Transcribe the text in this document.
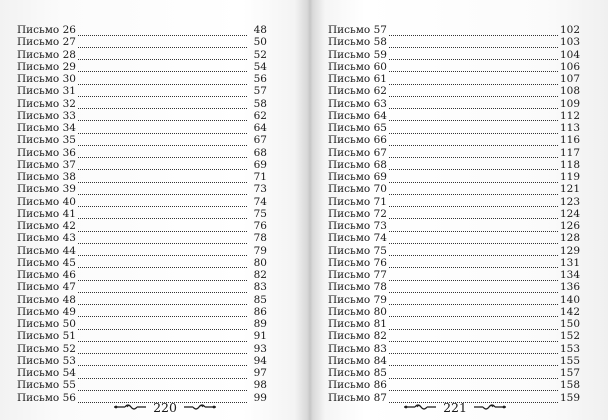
Письмо 26	48
Письмо 27	50
Письмо 28	52
Письмо 29	54
Письмо 30	56
Письмо 31	57
Письмо 32	58
Письмо 33	62
Письмо 34	64
Письмо 35	67
Письмо 36	68
Письмо 37	69
Письмо 38	71
Письмо 39	73
Письмо 40	74
Письмо 41	75
Письмо 42	76
Письмо 43	78
Письмо 44	79
Письмо 45	80
Письмо 46	82
Письмо 47	83
Письмо 48	85
Письмо 49	86
Письмо 50	89
Письмо 51	91
Письмо 52	93
Письмо 53	94
Письмо 54	97
Письмо 55	98
Письмо 56	99
220
Письмо 57	102
Письмо 58	103
Письмо 59	104
Письмо 60	106
Письмо 61	107
Письмо 62	108
Письмо 63	109
Письмо 64	112
Письмо 65	113
Письмо 66	116
Письмо 67	117
Письмо 68	118
Письмо 69	119
Письмо 70	121
Письмо 71	123
Письмо 72	124
Письмо 73	126
Письмо 74	128
Письмо 75	129
Письмо 76	131
Письмо 77	134
Письмо 78	136
Письмо 79	140
Письмо 80	142
Письмо 81	150
Письмо 82	152
Письмо 83	153
Письмо 84	155
Письмо 85	157
Письмо 86	158
Письмо 87	159
221
